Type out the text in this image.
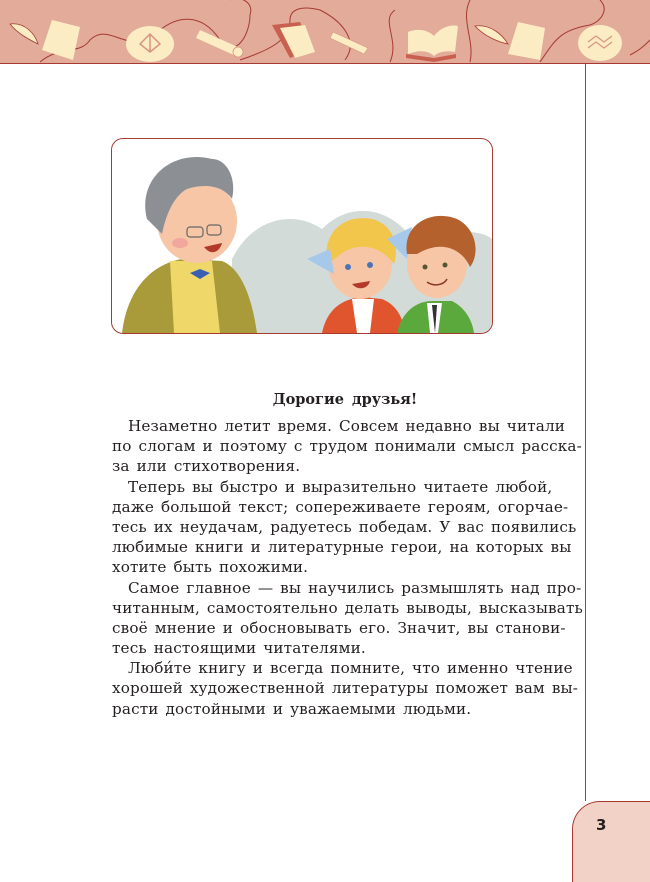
Дорогие друзья!
Незаметно летит время. Совсем недавно вы читали
по слогам и поэтому с трудом понимали смысл расска-
за или стихотворения.
Теперь вы быстро и выразительно читаете любой,
даже большой текст; сопереживаете героям, огорчае-
тесь их неудачам, радуетесь победам. У вас появились
любимые книги и литературные герои, на которых вы
хотите быть похожими.
Самое главное — вы научились размышлять над про-
читанным, самостоятельно делать выводы, высказывать
своё мнение и обосновывать его. Значит, вы станови-
тесь настоящими читателями.
Люби́те книгу и всегда помните, что именно чтение
хорошей художественной литературы поможет вам вы-
расти достойными и уважаемыми людьми.
3
